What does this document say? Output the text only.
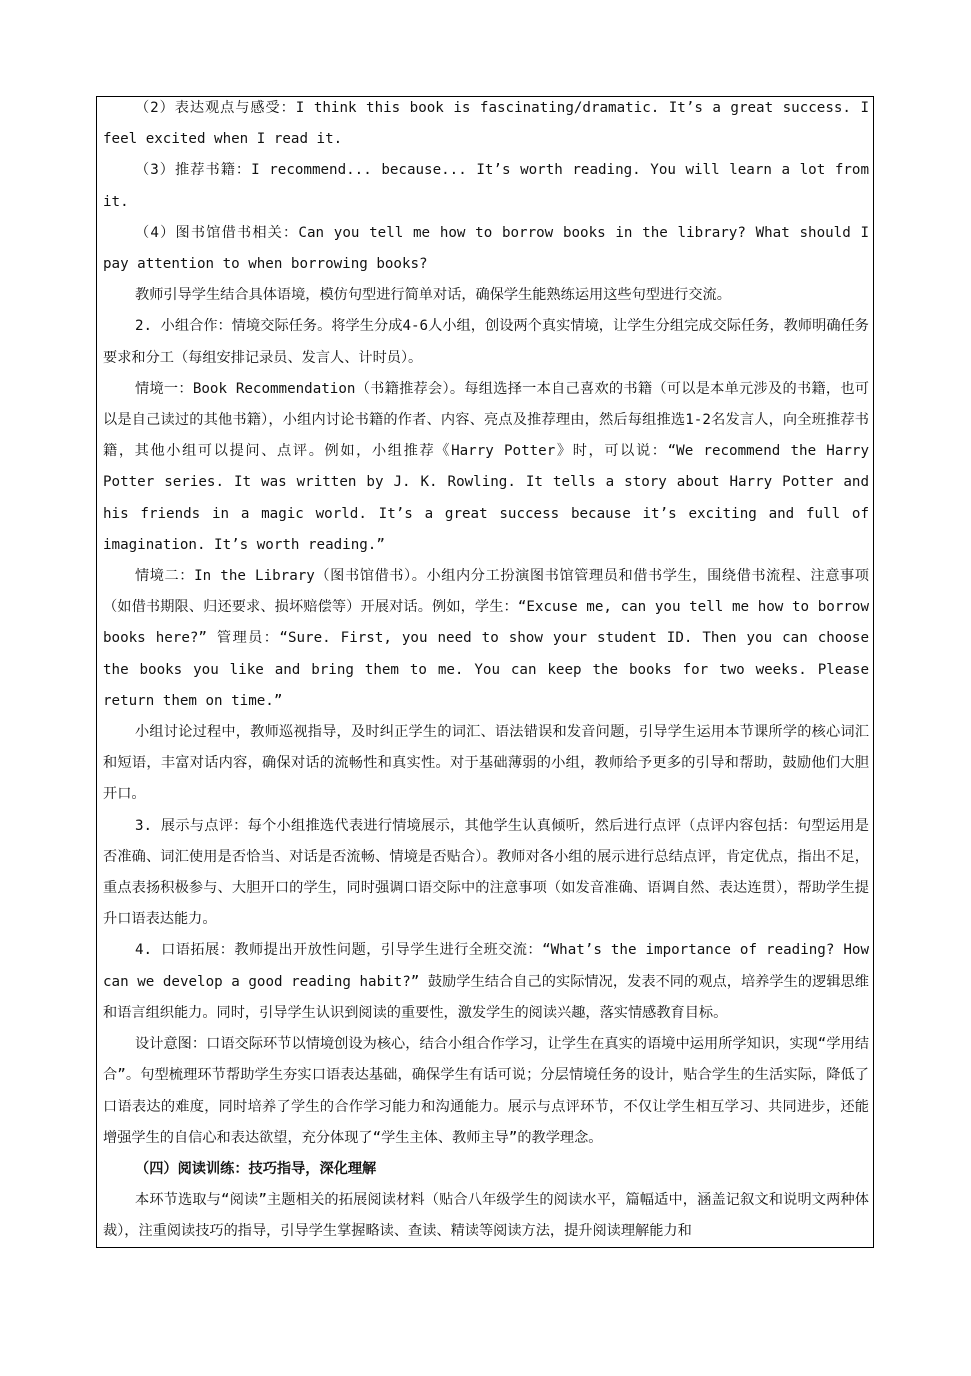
（2）表达观点与感受：I think this book is fascinating/dramatic. It’s a great success. I feel excited when I read it.

（3）推荐书籍：I recommend... because... It’s worth reading. You will learn a lot from it.

（4）图书馆借书相关：Can you tell me how to borrow books in the library? What should I pay attention to when borrowing books?

教师引导学生结合具体语境，模仿句型进行简单对话，确保学生能熟练运用这些句型进行交流。

2. 小组合作：情境交际任务。将学生分成4-6人小组，创设两个真实情境，让学生分组完成交际任务，教师明确任务要求和分工（每组安排记录员、发言人、计时员）。

情境一：Book Recommendation（书籍推荐会）。每组选择一本自己喜欢的书籍（可以是本单元涉及的书籍，也可以是自己读过的其他书籍），小组内讨论书籍的作者、内容、亮点及推荐理由，然后每组推选1-2名发言人，向全班推荐书籍，其他小组可以提问、点评。例如，小组推荐《Harry Potter》时，可以说：“We recommend the Harry Potter series. It was written by J. K. Rowling. It tells a story about Harry Potter and his friends in a magic world. It’s a great success because it’s exciting and full of imagination. It’s worth reading.”

情境二：In the Library（图书馆借书）。小组内分工扮演图书馆管理员和借书学生，围绕借书流程、注意事项（如借书期限、归还要求、损坏赔偿等）开展对话。例如，学生：“Excuse me, can you tell me how to borrow books here?” 管理员：“Sure. First, you need to show your student ID. Then you can choose the books you like and bring them to me. You can keep the books for two weeks. Please return them on time.”

小组讨论过程中，教师巡视指导，及时纠正学生的词汇、语法错误和发音问题，引导学生运用本节课所学的核心词汇和短语，丰富对话内容，确保对话的流畅性和真实性。对于基础薄弱的小组，教师给予更多的引导和帮助，鼓励他们大胆开口。

3. 展示与点评：每个小组推选代表进行情境展示，其他学生认真倾听，然后进行点评（点评内容包括：句型运用是否准确、词汇使用是否恰当、对话是否流畅、情境是否贴合）。教师对各小组的展示进行总结点评，肯定优点，指出不足，重点表扬积极参与、大胆开口的学生，同时强调口语交际中的注意事项（如发音准确、语调自然、表达连贯），帮助学生提升口语表达能力。

4. 口语拓展：教师提出开放性问题，引导学生进行全班交流：“What’s the importance of reading? How can we develop a good reading habit?” 鼓励学生结合自己的实际情况，发表不同的观点，培养学生的逻辑思维和语言组织能力。同时，引导学生认识到阅读的重要性，激发学生的阅读兴趣，落实情感教育目标。

设计意图：口语交际环节以情境创设为核心，结合小组合作学习，让学生在真实的语境中运用所学知识，实现“学用结合”。句型梳理环节帮助学生夯实口语表达基础，确保学生有话可说；分层情境任务的设计，贴合学生的生活实际，降低了口语表达的难度，同时培养了学生的合作学习能力和沟通能力。展示与点评环节，不仅让学生相互学习、共同进步，还能增强学生的自信心和表达欲望，充分体现了“学生主体、教师主导”的教学理念。

（四）阅读训练：技巧指导，深化理解

本环节选取与“阅读”主题相关的拓展阅读材料（贴合八年级学生的阅读水平，篇幅适中，涵盖记叙文和说明文两种体裁），注重阅读技巧的指导，引导学生掌握略读、查读、精读等阅读方法，提升阅读理解能力和
